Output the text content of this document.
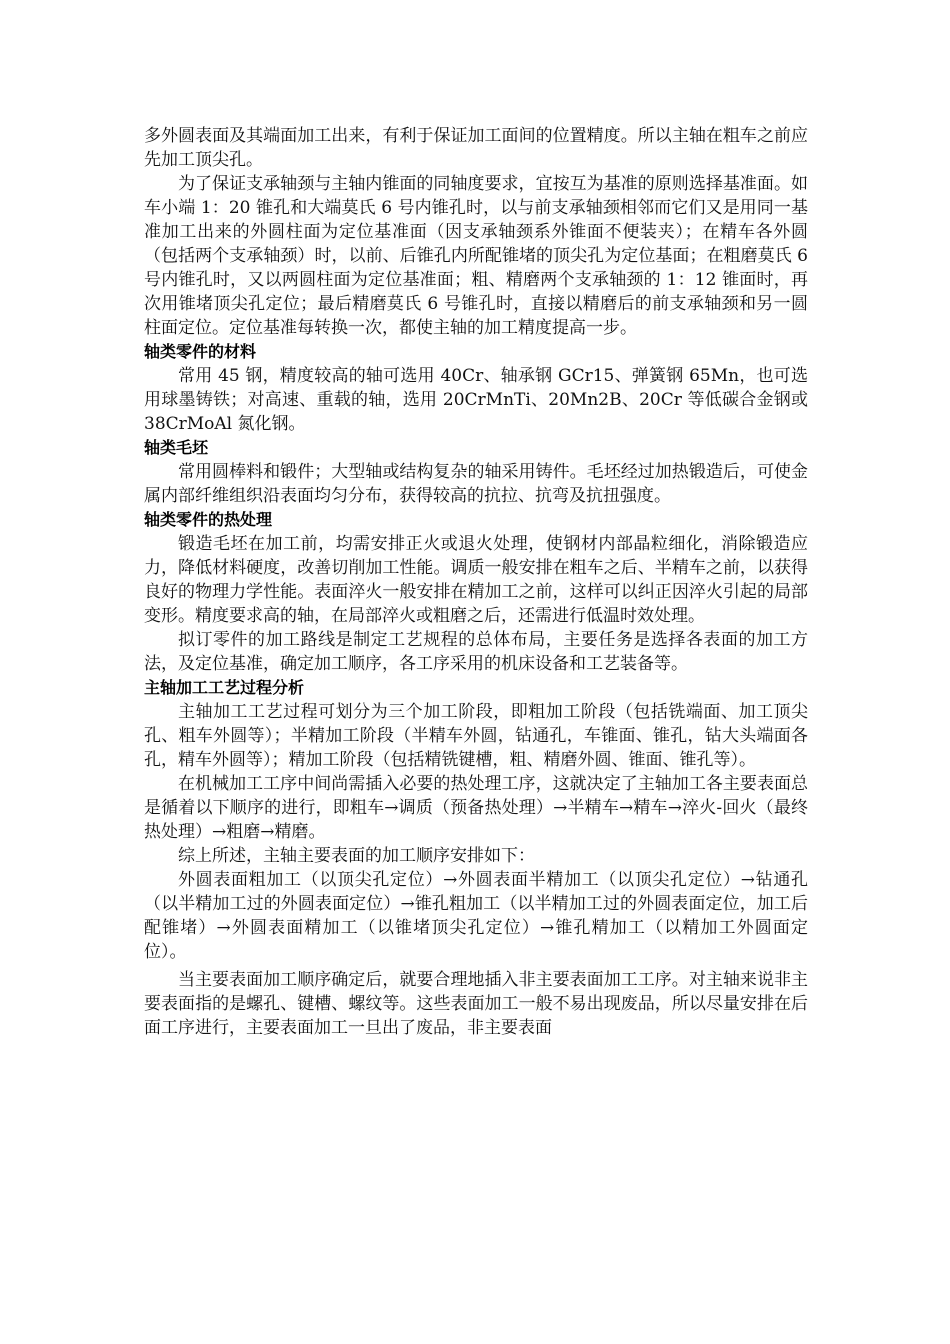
多外圆表面及其端面加工出来，有利于保证加工面间的位置精度。所以主轴在粗车之前应先加工顶尖孔。

为了保证支承轴颈与主轴内锥面的同轴度要求，宜按互为基准的原则选择基准面。如车小端 1：20 锥孔和大端莫氏 6 号内锥孔时，以与前支承轴颈相邻而它们又是用同一基准加工出来的外圆柱面为定位基准面（因支承轴颈系外锥面不便装夹）；在精车各外圆（包括两个支承轴颈）时，以前、后锥孔内所配锥堵的顶尖孔为定位基面；在粗磨莫氏 6 号内锥孔时，又以两圆柱面为定位基准面；粗、精磨两个支承轴颈的 1：12 锥面时，再次用锥堵顶尖孔定位；最后精磨莫氏 6 号锥孔时，直接以精磨后的前支承轴颈和另一圆柱面定位。定位基准每转换一次，都使主轴的加工精度提高一步。

轴类零件的材料

常用 45 钢，精度较高的轴可选用 40Cr、轴承钢 GCr15、弹簧钢 65Mn，也可选用球墨铸铁；对高速、重载的轴，选用 20CrMnTi、20Mn2B、20Cr 等低碳合金钢或 38CrMoAl 氮化钢。

轴类毛坯

常用圆棒料和锻件；大型轴或结构复杂的轴采用铸件。毛坯经过加热锻造后，可使金属内部纤维组织沿表面均匀分布，获得较高的抗拉、抗弯及抗扭强度。

轴类零件的热处理

锻造毛坯在加工前，均需安排正火或退火处理，使钢材内部晶粒细化，消除锻造应力，降低材料硬度，改善切削加工性能。调质一般安排在粗车之后、半精车之前，以获得良好的物理力学性能。表面淬火一般安排在精加工之前，这样可以纠正因淬火引起的局部变形。精度要求高的轴，在局部淬火或粗磨之后，还需进行低温时效处理。

拟订零件的加工路线是制定工艺规程的总体布局，主要任务是选择各表面的加工方法，及定位基准，确定加工顺序，各工序采用的机床设备和工艺装备等。

主轴加工工艺过程分析

主轴加工工艺过程可划分为三个加工阶段，即粗加工阶段（包括铣端面、加工顶尖孔、粗车外圆等）；半精加工阶段（半精车外圆，钻通孔，车锥面、锥孔，钻大头端面各孔，精车外圆等）；精加工阶段（包括精铣键槽，粗、精磨外圆、锥面、锥孔等）。

在机械加工工序中间尚需插入必要的热处理工序，这就决定了主轴加工各主要表面总是循着以下顺序的进行，即粗车→调质（预备热处理）→半精车→精车→淬火-回火（最终热处理）→粗磨→精磨。

综上所述，主轴主要表面的加工顺序安排如下：

外圆表面粗加工（以顶尖孔定位）→外圆表面半精加工（以顶尖孔定位）→钻通孔（以半精加工过的外圆表面定位）→锥孔粗加工（以半精加工过的外圆表面定位，加工后配锥堵）→外圆表面精加工（以锥堵顶尖孔定位）→锥孔精加工（以精加工外圆面定位）。

当主要表面加工顺序确定后，就要合理地插入非主要表面加工工序。对主轴来说非主要表面指的是螺孔、键槽、螺纹等。这些表面加工一般不易出现废品，所以尽量安排在后面工序进行，主要表面加工一旦出了废品，非主要表面
